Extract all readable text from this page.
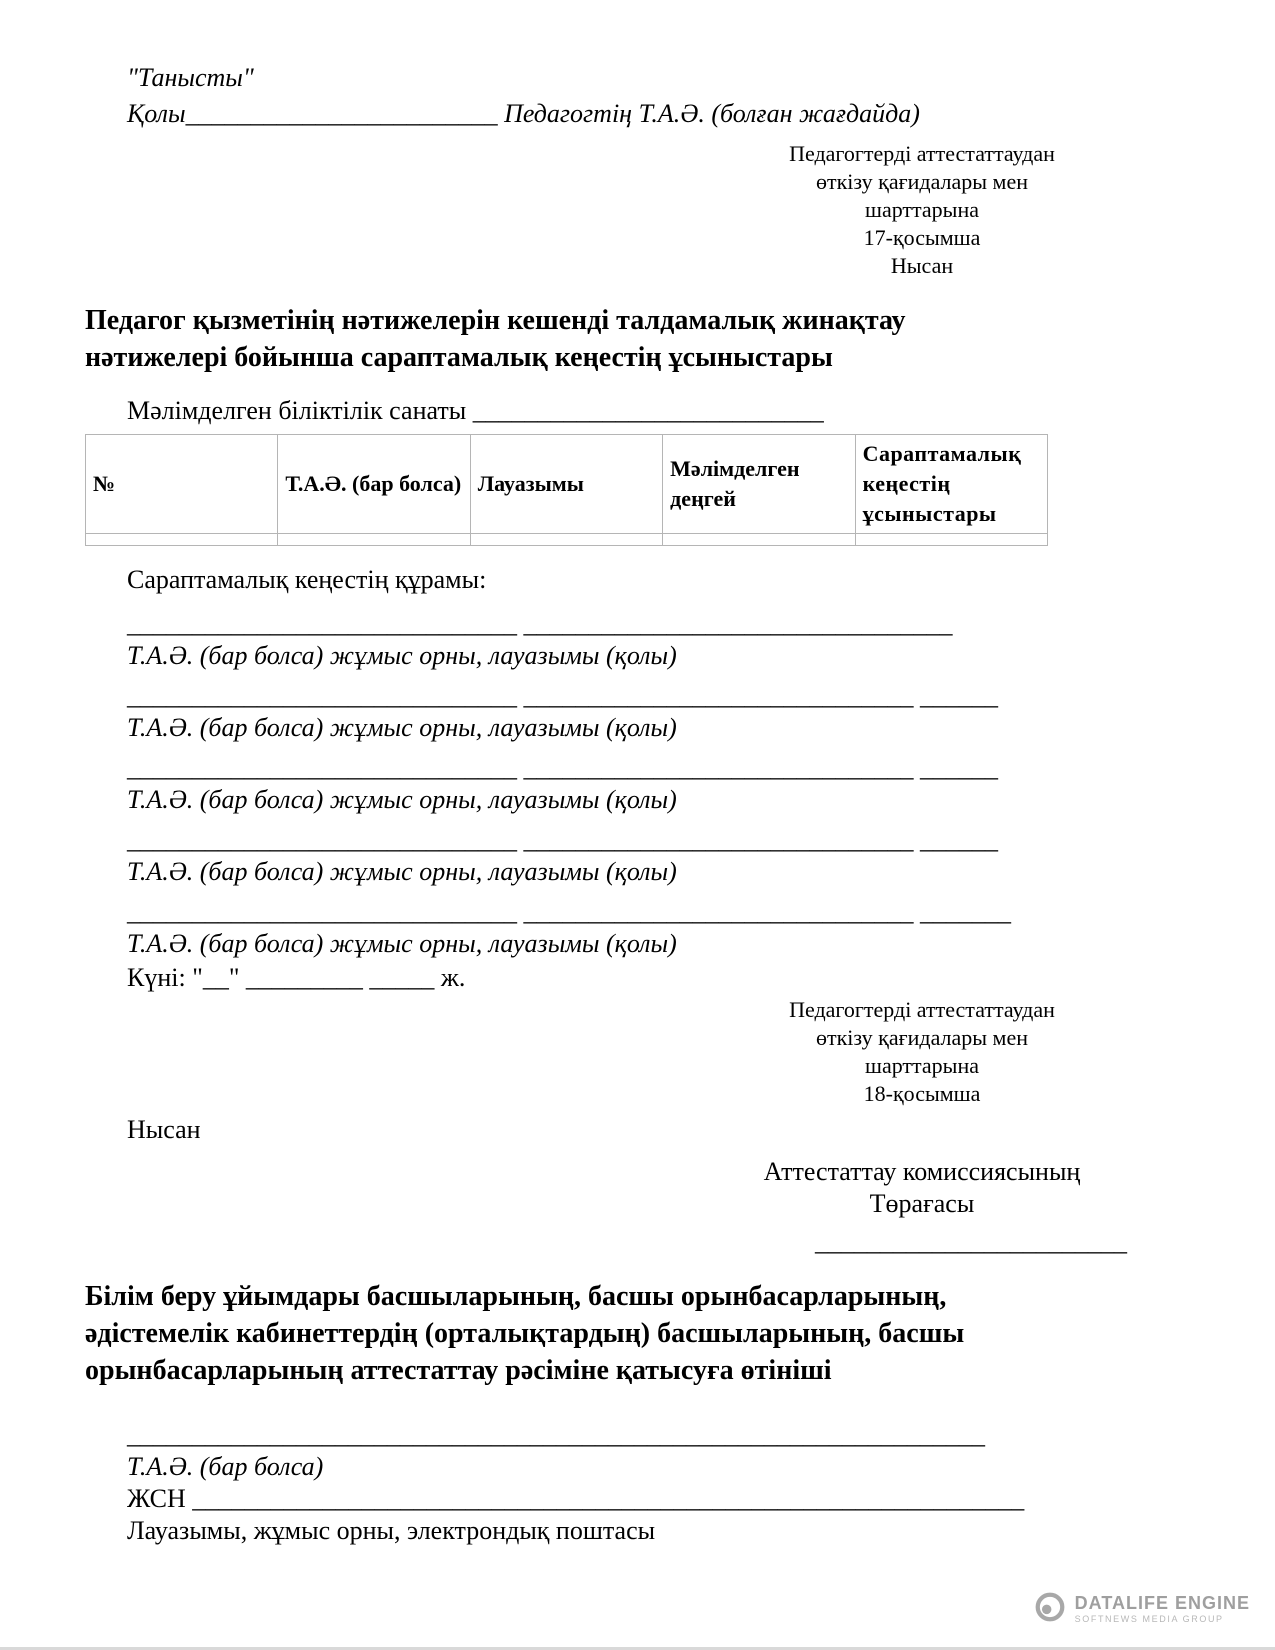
"Танысты"
Қолы________________________ Педагогтің Т.А.Ә. (болған жағдайда)
Педагогтерді аттестаттаудан
өткізу қағидалары мен
шарттарына
17-қосымша
Нысан
Педагог қызметінің нәтижелерін кешенді талдамалық жинақтау нәтижелері бойынша сараптамалық кеңестің ұсыныстары
Мәлімделген біліктілік санаты ___________________________
№	Т.А.Ә. (бар болса)	Лауазымы	Мәлімделген деңгей	Сараптамалық кеңестің ұсыныстары

Сараптамалық кеңестің құрамы:
______________________________ _________________________________
Т.А.Ә. (бар болса) жұмыс орны, лауазымы (қолы)
______________________________ ______________________________ ______
Т.А.Ә. (бар болса) жұмыс орны, лауазымы (қолы)
______________________________ ______________________________ ______
Т.А.Ә. (бар болса) жұмыс орны, лауазымы (қолы)
______________________________ ______________________________ ______
Т.А.Ә. (бар болса) жұмыс орны, лауазымы (қолы)
______________________________ ______________________________ _______
Т.А.Ә. (бар болса) жұмыс орны, лауазымы (қолы)
Күні: "__" _________ _____ ж.
Педагогтерді аттестаттаудан
өткізу қағидалары мен
шарттарына
18-қосымша
Нысан
Аттестаттау комиссиясының
Төрағасы
________________________
Білім беру ұйымдары басшыларының, басшы орынбасарларының, әдістемелік кабинеттердің (орталықтардың) басшыларының, басшы орынбасарларының аттестаттау рәсіміне қатысуға өтініші
__________________________________________________________________
Т.А.Ә. (бар болса)
ЖСН ________________________________________________________________
Лауазымы, жұмыс орны, электрондық поштасы
DATALIFE ENGINE
SOFTNEWS MEDIA GROUP
